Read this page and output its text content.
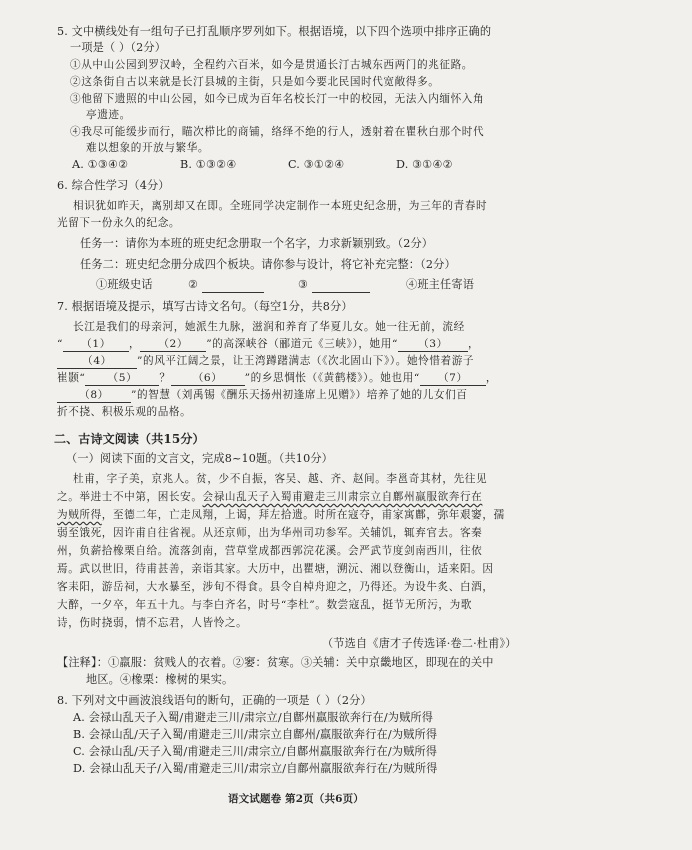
5. 文中横线处有一组句子已打乱顺序罗列如下。根据语境，以下四个选项中排序正确的
一项是（ ）（2分）
①从中山公园到罗汉岭，全程约六百米，如今是贯通长汀古城东西两门的兆征路。
②这条街自古以来就是长汀县城的主街，只是如今要北民国时代宽敞得多。
③他留下遗照的中山公园，如今已成为百年名校长汀一中的校园，无法入内缅怀入角
亭遗迹。
④我尽可能缓步而行，瞄次栉比的商铺，络绎不绝的行人，透射着在瞿秋白那个时代
难以想象的开放与繁华。
A. ①③④②	B. ①③②④	C. ③①②④	D. ③①④②
6. 综合性学习（4分）
相识犹如昨天，离别却又在即。全班同学决定制作一本班史纪念册，为三年的青春时
光留下一份永久的纪念。
任务一：请你为本班的班史纪念册取一个名字，力求新颖别致。（2分）
任务二：班史纪念册分成四个板块。请你参与设计，将它补充完整：（2分）
①班级史话	②	③	④班主任寄语
7. 根据语境及提示，填写古诗文名句。（每空1分，共8分）
长江是我们的母亲河，她派生九脉，滋润和养育了华夏儿女。她一往无前，流经
“ （1） ， （2） ”的高深峡谷（郦道元《三峡》），她用“ （3） ，
（4） ”的风平江阔之景，让王湾蹲躇满志（《次北固山下》）。她怜惜着游子
崔颢“ （5） ？ （6） ”的乡思惆怅（《黄鹤楼》）。她也用“ （7） ，
（8） ”的智慧（刘禹锡《酬乐天扬州初逢席上见赠》）培养了她的儿女们百
折不挠、积极乐观的品格。
二、古诗文阅读（共15分）
（一）阅读下面的文言文，完成8~10题。（共10分）
杜甫，字子美，京兆人。贫，少不自振，客吴、越、齐、赵间。李邕奇其材，先往见
之。举进士不中第，困长安。会禄山乱天子入蜀甫避走三川肃宗立自鄜州羸服欲奔行在
为贼所得，至德二年，亡走凤翔，上谒，拜左拾遗。时所在寇夺，甫家寓鄜，弥年艰窭，孺
弱至饿死，因许甫自往省视。从还京师，出为华州司功参军。关辅饥，辄弃官去。客秦
州，负薪拾橡栗自给。流落剑南，营草堂成都西郭浣花溪。会严武节度剑南西川，往依
焉。武以世旧，待甫甚善，亲诣其家。大历中，出瞿塘，溯沅、湘以登衡山，适来阳。因
客耒阳，游岳祠，大水暴至，涉旬不得食。县令自棹舟迎之，乃得还。为设牛炙、白酒，
大醉，一夕卒，年五十九。与李白齐名，时号“李杜”。数尝寇乱，挺节无所污，为歌
诗，伤时挠弱，情不忘君，人皆怜之。
（节选自《唐才子传选译·卷二·杜甫》）
【注释】：①羸服：贫贱人的衣着。②窭：贫寒。③关辅：关中京畿地区，即现在的关中
地区。④橡栗：橡树的果实。
8. 下列对文中画波浪线语句的断句，正确的一项是（ ）（2分）
A. 会禄山乱天子入蜀/甫避走三川/肃宗立/自鄜州羸服欲奔行在/为贼所得
B. 会禄山乱/天子入蜀/甫避走三川/肃宗立自鄜州/羸服欲奔行在/为贼所得
C. 会禄山乱/天子入蜀/甫避走三川/肃宗立/自鄜州羸服欲奔行在/为贼所得
D. 会禄山乱天子/入蜀/甫避走三川/肃宗立/自鄜州羸服欲奔行在/为贼所得
语文试题卷 第2页（共6页）
